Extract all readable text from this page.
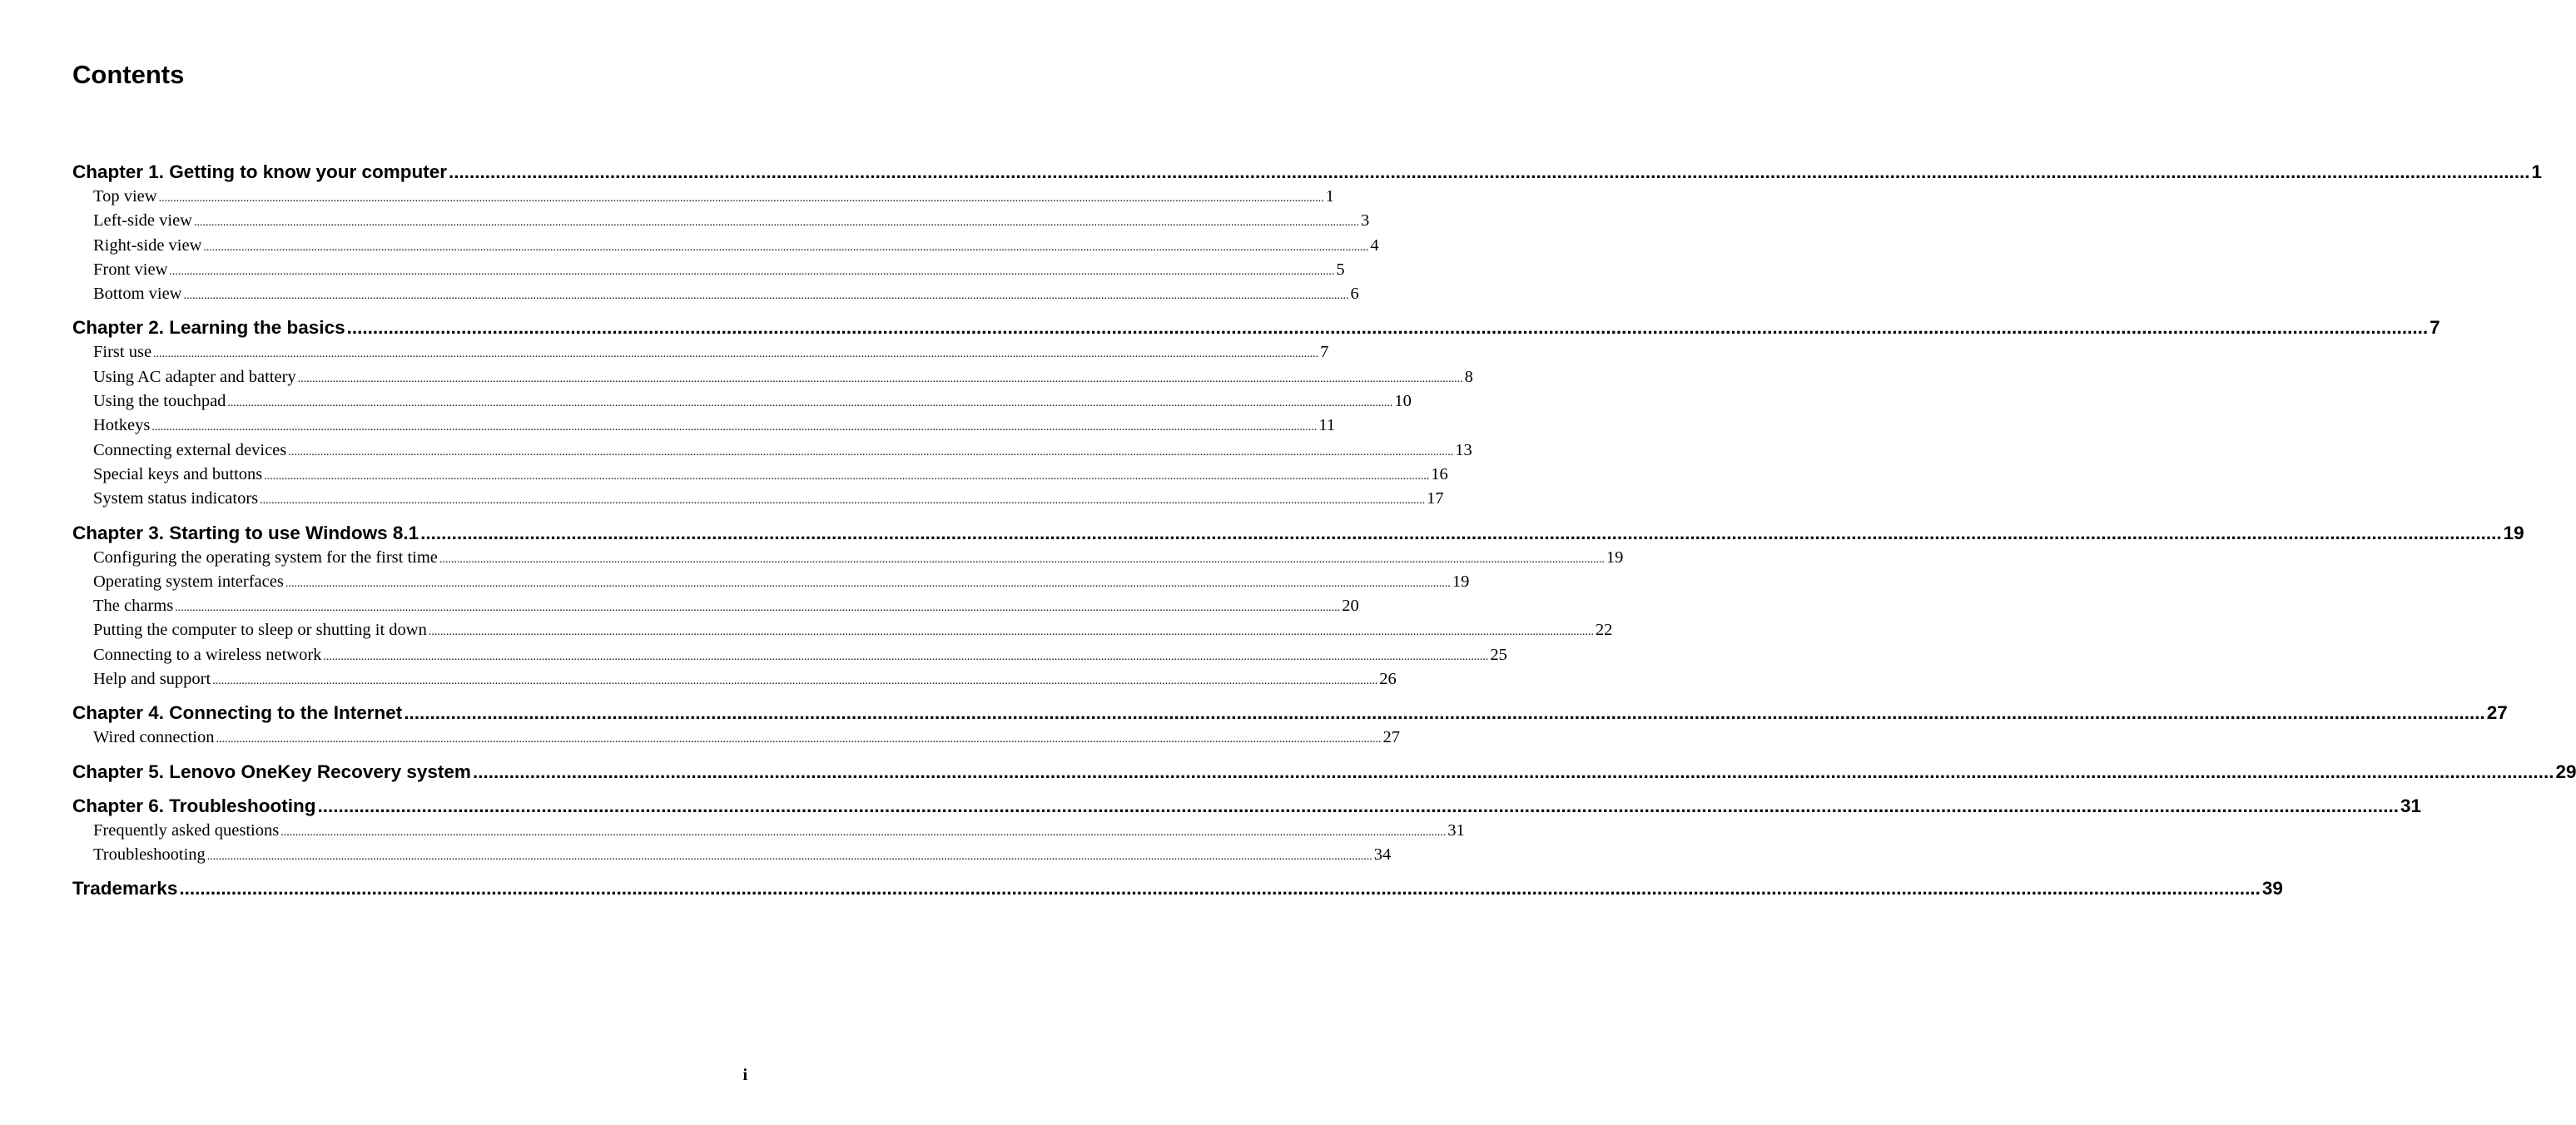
Contents
Chapter 1. Getting to know your computer ................................................................................................................................................................................................................................................................................................................................................................................................................ 1
Top view ................................................................................................................................................................................................................................................................................................................................................................................................................ 1
Left-side view ................................................................................................................................................................................................................................................................................................................................................................................................................ 3
Right-side view ................................................................................................................................................................................................................................................................................................................................................................................................................ 4
Front view ................................................................................................................................................................................................................................................................................................................................................................................................................ 5
Bottom view ................................................................................................................................................................................................................................................................................................................................................................................................................ 6
Chapter 2. Learning the basics ................................................................................................................................................................................................................................................................................................................................................................................................................ 7
First use ................................................................................................................................................................................................................................................................................................................................................................................................................ 7
Using AC adapter and battery ................................................................................................................................................................................................................................................................................................................................................................................................................ 8
Using the touchpad ................................................................................................................................................................................................................................................................................................................................................................................................................ 10
Hotkeys ................................................................................................................................................................................................................................................................................................................................................................................................................ 11
Connecting external devices ................................................................................................................................................................................................................................................................................................................................................................................................................ 13
Special keys and buttons ................................................................................................................................................................................................................................................................................................................................................................................................................ 16
System status indicators ................................................................................................................................................................................................................................................................................................................................................................................................................ 17
Chapter 3. Starting to use Windows 8.1 ................................................................................................................................................................................................................................................................................................................................................................................................................ 19
Configuring the operating system for the first time ................................................................................................................................................................................................................................................................................................................................................................................................................ 19
Operating system interfaces ................................................................................................................................................................................................................................................................................................................................................................................................................ 19
The charms ................................................................................................................................................................................................................................................................................................................................................................................................................ 20
Putting the computer to sleep or shutting it down ................................................................................................................................................................................................................................................................................................................................................................................................................ 22
Connecting to a wireless network ................................................................................................................................................................................................................................................................................................................................................................................................................ 25
Help and support ................................................................................................................................................................................................................................................................................................................................................................................................................ 26
Chapter 4. Connecting to the Internet ................................................................................................................................................................................................................................................................................................................................................................................................................ 27
Wired connection ................................................................................................................................................................................................................................................................................................................................................................................................................ 27
Chapter 5. Lenovo OneKey Recovery system ................................................................................................................................................................................................................................................................................................................................................................................................................ 29
Chapter 6. Troubleshooting ................................................................................................................................................................................................................................................................................................................................................................................................................ 31
Frequently asked questions ................................................................................................................................................................................................................................................................................................................................................................................................................ 31
Troubleshooting ................................................................................................................................................................................................................................................................................................................................................................................................................ 34
Trademarks ................................................................................................................................................................................................................................................................................................................................................................................................................ 39
i
